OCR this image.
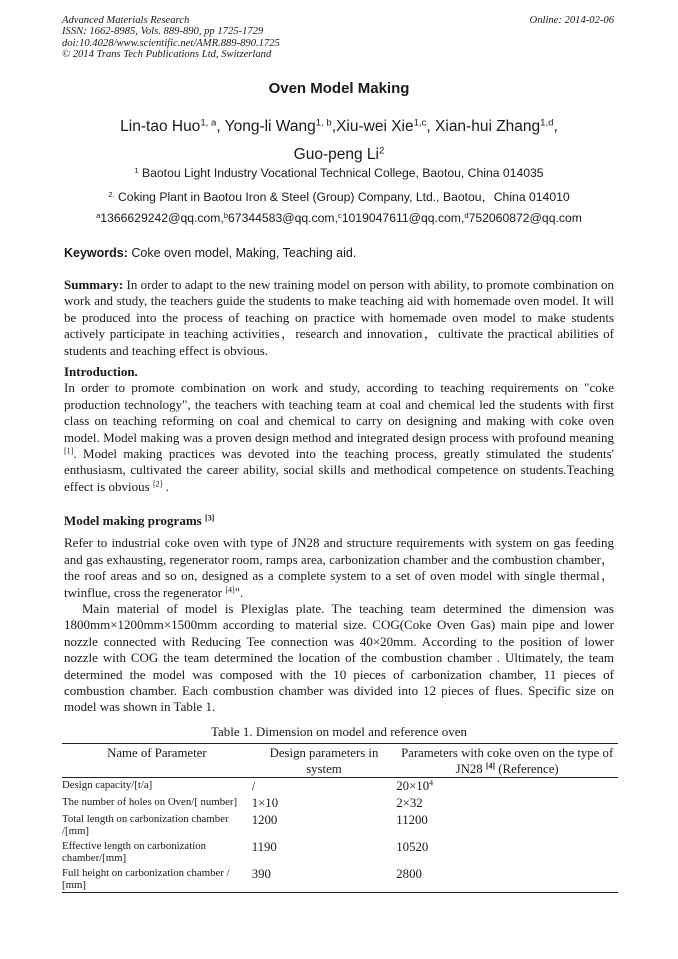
Advanced Materials Research
ISSN: 1662-8985, Vols. 889-890, pp 1725-1729
doi:10.4028/www.scientific.net/AMR.889-890.1725
© 2014 Trans Tech Publications Ltd, Switzerland
Online: 2014-02-06
Oven Model Making
Lin-tao Huo$^{1, a}$, Yong-li Wang$^{1, b}$,Xiu-wei Xie$^{1,c}$, Xian-hui Zhang$^{1,d}$,
Guo-peng Li$^2$
$^1$ Baotou Light Industry Vocational Technical College, Baotou, China 014035
$^{2.}$ Coking Plant in Baotou Iron & Steel (Group) Company, Ltd., Baotou，China 014010
$^a$1366629242@qq.com,$^b$67344583@qq.com,$^c$1019047611@qq.com,$^d$752060872@qq.com
Keywords: Coke oven model, Making, Teaching aid.
Summary: In order to adapt to the new training model on person with ability, to promote combination on work and study, the teachers guide the students to make teaching aid with homemade oven model. It will be produced into the process of teaching on practice with homemade oven model to make students actively participate in teaching activities，research and innovation，cultivate the practical abilities of students and teaching effect is obvious.
Introduction.
In order to promote combination on work and study, according to teaching requirements on "coke production technology", the teachers with teaching team at coal and chemical led the students with first class on teaching reforming on coal and chemical to carry on designing and making with coke oven model. Model making was a proven design method and integrated design process with profound meaning [1]. Model making practices was devoted into the teaching process, greatly stimulated the students' enthusiasm, cultivated the career ability, social skills and methodical competence on students.Teaching effect is obvious [2] .
Model making programs [3]
Refer to industrial coke oven with type of JN28 and structure requirements with system on gas feeding and gas exhausting, regenerator room, ramps area, carbonization chamber and the combustion chamber，the roof areas and so on, designed as a complete system to a set of oven model with single thermal，twinflue, cross the regenerator [4]".
Main material of model is Plexiglas plate. The teaching team determined the dimension was 1800mm×1200mm×1500mm according to material size. COG(Coke Oven Gas) main pipe and lower nozzle connected with Reducing Tee connection was 40×20mm. According to the position of lower nozzle with COG the team determined the location of the combustion chamber . Ultimately, the team determined the model was composed with the 10 pieces of carbonization chamber, 11 pieces of combustion chamber. Each combustion chamber was divided into 12 pieces of flues. Specific size on model was shown in Table 1.
Table 1. Dimension on model and reference oven
Name of Parameter	Design parameters in system	Parameters with coke oven on the type of JN28 [4] (Reference)
Design capacity/[t/a]	/	$20\times 10^4$
The number of holes on Oven/[ number]	1×10	2×32
Total length on carbonization chamber /[mm]	1200	11200
Effective length on carbonization chamber/[mm]	1190	10520
Full height on carbonization chamber / [mm]	390	2800
